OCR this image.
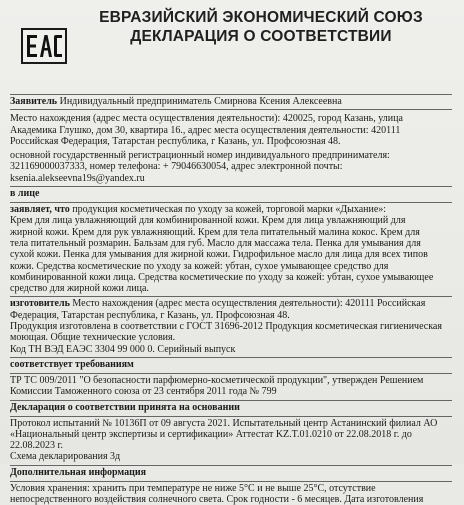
ЕВРАЗИЙСКИЙ ЭКОНОМИЧЕСКИЙ СОЮЗ
ДЕКЛАРАЦИЯ О СООТВЕТСТВИИ
Заявитель Индивидуальный предприниматель Смирнова Ксения Алексеевна
Место нахождения (адрес места осуществления деятельности): 420025, город Казань, улица
Академика Глушко, дом 30, квартира 16., адрес места осуществления деятельности: 420111
Российская Федерация, Татарстан республика, г Казань, ул. Профсоюзная 48.
основной государственный регистрационный номер индивидуального предпринимателя:
321169000037333, номер телефона: + 79046630054, адрес электронной почты:
ksenia.alekseevna19s@yandex.ru
в лице
заявляет, что продукция косметическая по уходу за кожей, торговой марки «Дыхание»:
Крем для лица увлажняющий для комбинированной кожи. Крем для лица увлажняющий для
жирной кожи. Крем для рук увлажняющий. Крем для тела питательный малина кокос. Крем для
тела питательный розмарин. Бальзам для губ. Масло для массажа тела. Пенка для умывания для
сухой кожи. Пенка для умывания для жирной кожи. Гидрофильное масло для лица для всех типов
кожи. Средства косметические по уходу за кожей: убтан, сухое умывающее средство для
комбинированной кожи лица. Средства косметические по уходу за кожей: убтан, сухое умывающее
средство для жирной кожи лица.
изготовитель Место нахождения (адрес места осуществления деятельности): 420111 Российская
Федерация, Татарстан республика, г Казань, ул. Профсоюзная 48.
Продукция изготовлена в соответствии с ГОСТ 31696-2012 Продукция косметическая гигиеническая
моющая. Общие технические условия.
Код ТН ВЭД ЕАЭС 3304 99 000 0. Серийный выпуск
соответствует требованиям
ТР ТС 009/2011 "О безопасности парфюмерно-косметической продукции", утвержден Решением
Комиссии Таможенного союза от 23 сентября 2011 года № 799
Декларация о соответствии принята на основании
Протокол испытаний № 10136П от 09 августа 2021. Испытательный центр Астанинский филиал АО
«Национальный центр экспертизы и сертификации» Аттестат KZ.T.01.0210 от 22.08.2018 г. до
22.08.2023 г.
Схема декларирования 3д
Дополнительная информация
Условия хранения: хранить при температуре не ниже 5°С и не выше 25°С, отсутствие
непосредственного воздействия солнечного света. Срок годности - 6 месяцев. Дата изготовления
